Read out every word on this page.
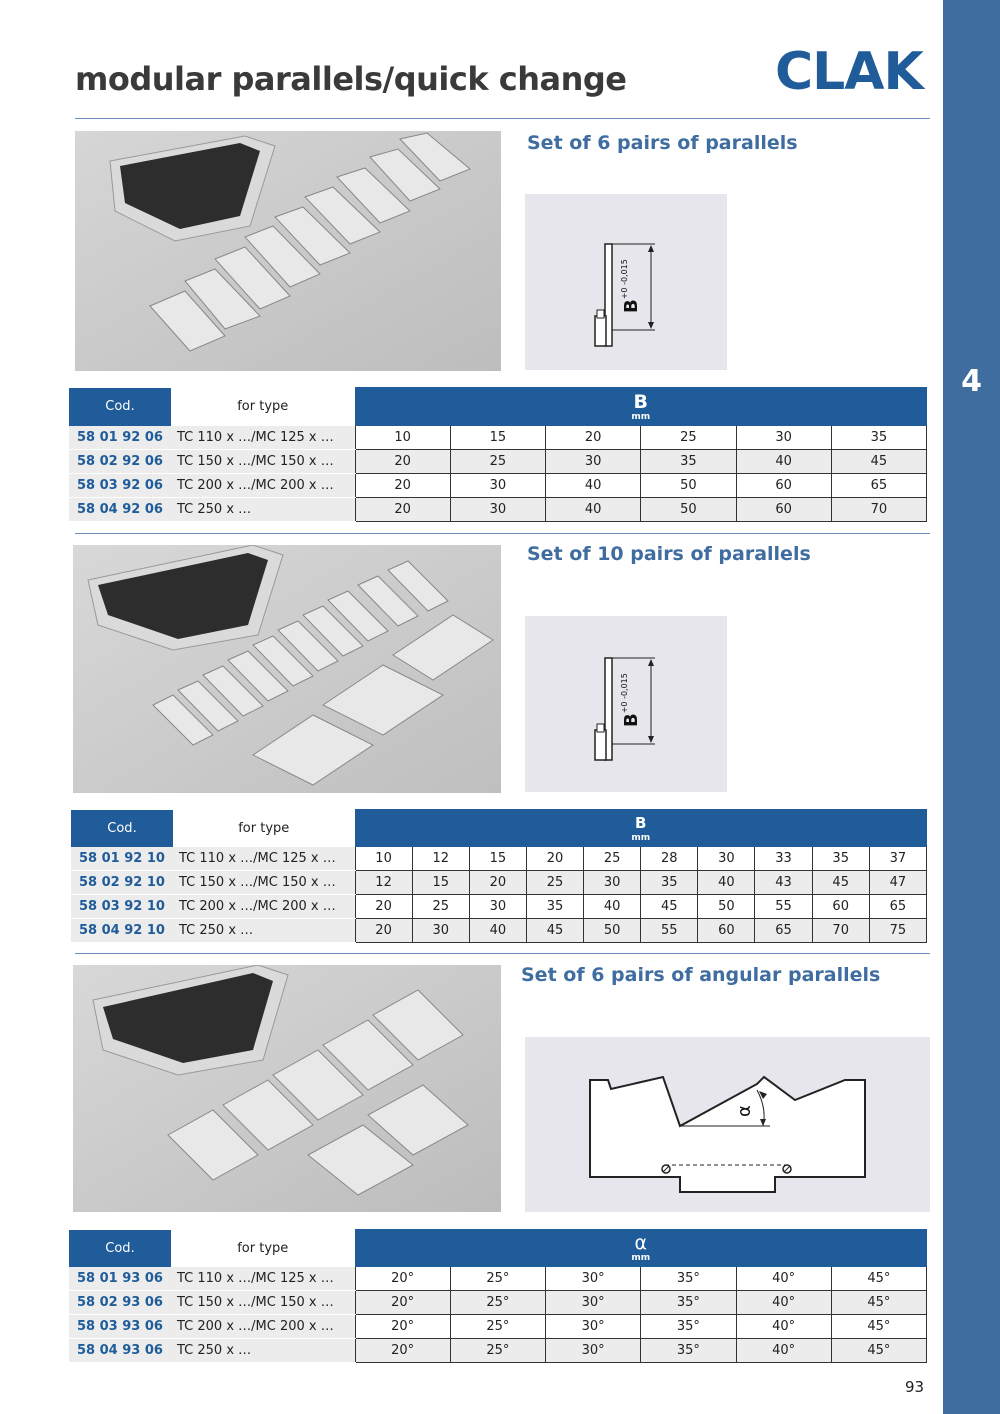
4
modular parallels/quick change	CLAK
Set of 6 pairs of parallels
B+0 -0,015
Cod.	for type	B
mm					

58 01 92 06	TC 110 x …/MC 125 x …	10	15	20	25	30	35
58 02 92 06	TC 150 x …/MC 150 x …	20	25	30	35	40	45
58 03 92 06	TC 200 x …/MC 200 x …	20	30	40	50	60	65
58 04 92 06	TC 250 x …	20	30	40	50	60	70
Set of 10 pairs of parallels
B+0 -0,015
Cod.	for type	B
mm									

58 01 92 10	TC 110 x …/MC 125 x …	10	12	15	20	25	28	30	33	35	37
58 02 92 10	TC 150 x …/MC 150 x …	12	15	20	25	30	35	40	43	45	47
58 03 92 10	TC 200 x …/MC 200 x …	20	25	30	35	40	45	50	55	60	65
58 04 92 10	TC 250 x …	20	30	40	45	50	55	60	65	70	75
Set of 6 pairs of angular parallels
α
Cod.	for type	α
mm					

58 01 93 06	TC 110 x …/MC 125 x …	20°	25°	30°	35°	40°	45°
58 02 93 06	TC 150 x …/MC 150 x …	20°	25°	30°	35°	40°	45°
58 03 93 06	TC 200 x …/MC 200 x …	20°	25°	30°	35°	40°	45°
58 04 93 06	TC 250 x …	20°	25°	30°	35°	40°	45°
93
